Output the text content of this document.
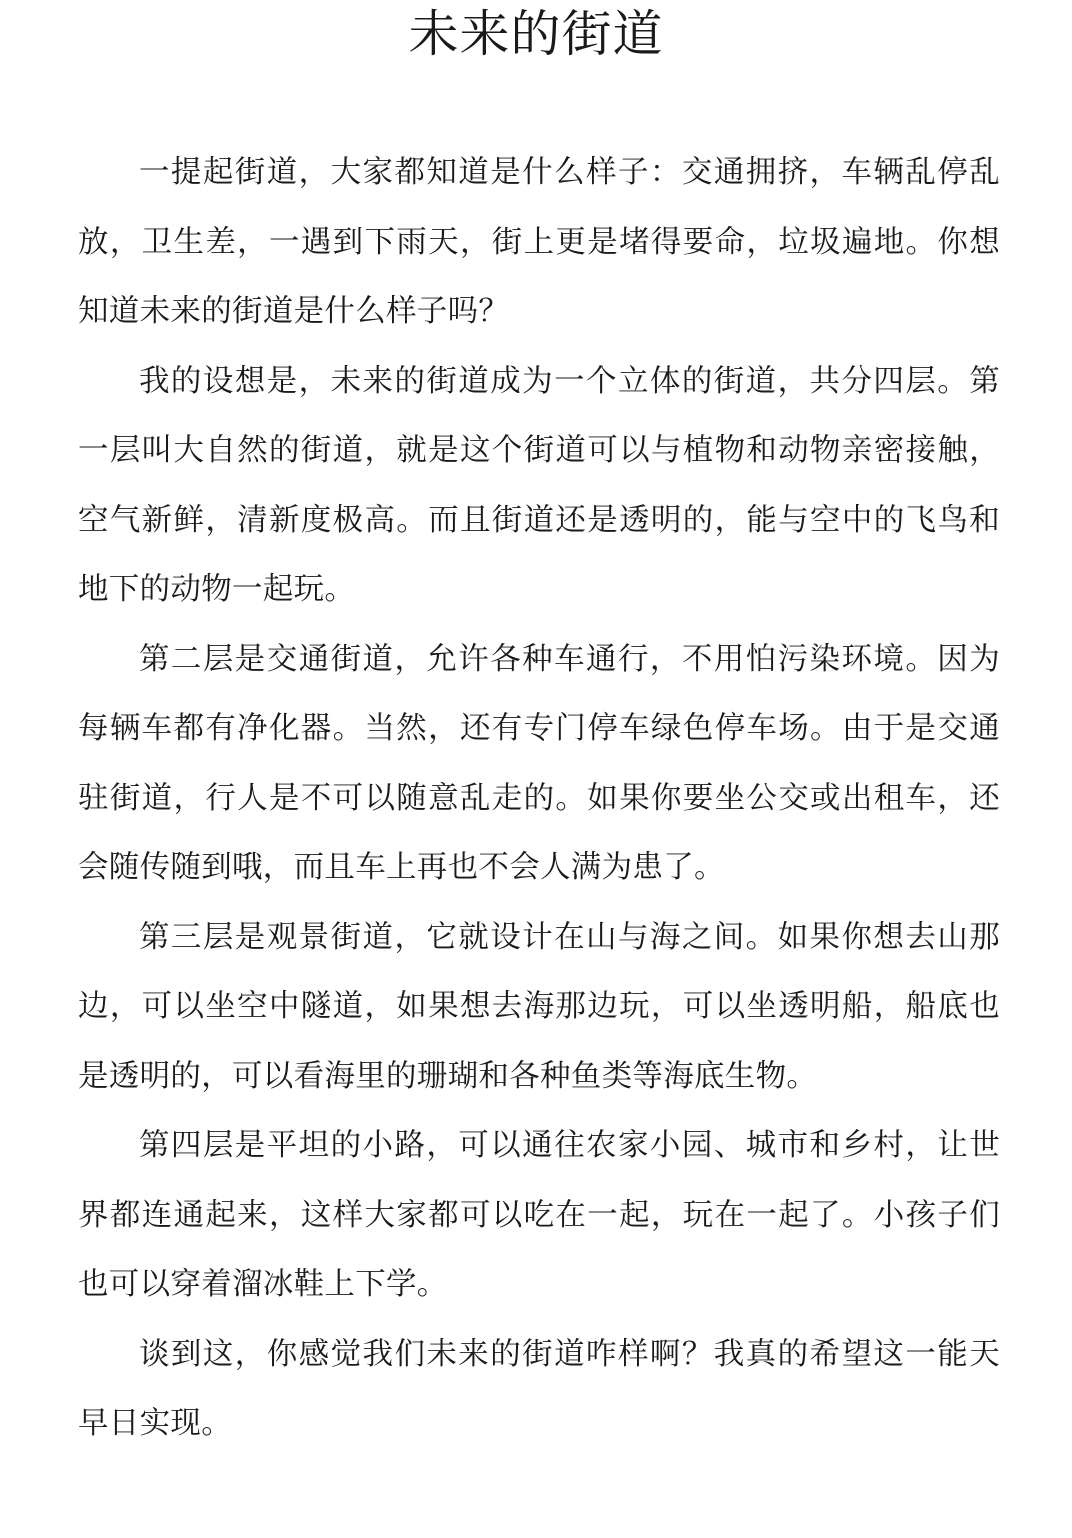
未来的街道

一提起街道，大家都知道是什么样子：交通拥挤，车辆乱停乱放，卫生差，一遇到下雨天，街上更是堵得要命，垃圾遍地。你想知道未来的街道是什么样子吗？

我的设想是，未来的街道成为一个立体的街道，共分四层。第一层叫大自然的街道，就是这个街道可以与植物和动物亲密接触，空气新鲜，清新度极高。而且街道还是透明的，能与空中的飞鸟和地下的动物一起玩。

第二层是交通街道，允许各种车通行，不用怕污染环境。因为每辆车都有净化器。当然，还有专门停车绿色停车场。由于是交通驻街道，行人是不可以随意乱走的。如果你要坐公交或出租车，还会随传随到哦，而且车上再也不会人满为患了。

第三层是观景街道，它就设计在山与海之间。如果你想去山那边，可以坐空中隧道，如果想去海那边玩，可以坐透明船，船底也是透明的，可以看海里的珊瑚和各种鱼类等海底生物。

第四层是平坦的小路，可以通往农家小园、城市和乡村，让世界都连通起来，这样大家都可以吃在一起，玩在一起了。小孩子们也可以穿着溜冰鞋上下学。

谈到这，你感觉我们未来的街道咋样啊？我真的希望这一能天早日实现。
